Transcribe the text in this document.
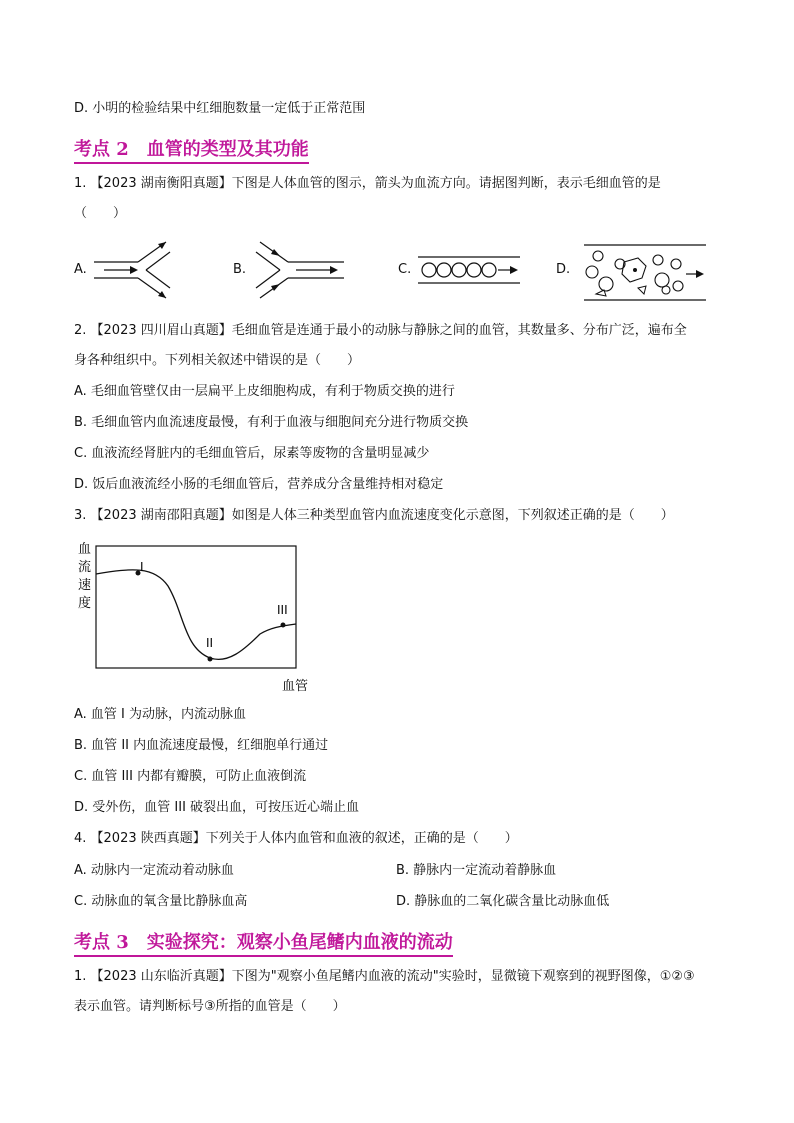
D. 小明的检验结果中红细胞数量一定低于正常范围
考点 2　血管的类型及其功能
1. 【2023 湖南衡阳真题】下图是人体血管的图示，箭头为血流方向。请据图判断，表示毛细血管的是
（　　）
A.	B.	C.	D.
2. 【2023 四川眉山真题】毛细血管是连通于最小的动脉与静脉之间的血管，其数量多、分布广泛，遍布全
身各种组织中。下列相关叙述中错误的是（　　）
A. 毛细血管壁仅由一层扁平上皮细胞构成，有利于物质交换的进行
B. 毛细血管内血流速度最慢，有利于血液与细胞间充分进行物质交换
C. 血液流经肾脏内的毛细血管后，尿素等废物的含量明显减少
D. 饭后血液流经小肠的毛细血管后，营养成分含量维持相对稳定
3. 【2023 湖南邵阳真题】如图是人体三种类型血管内血流速度变化示意图，下列叙述正确的是（　　）
血
流
速
度
I
II
III
血管
A. 血管 I 为动脉，内流动脉血
B. 血管 II 内血流速度最慢，红细胞单行通过
C. 血管 III 内都有瓣膜，可防止血液倒流
D. 受外伤，血管 III 破裂出血，可按压近心端止血
4. 【2023 陕西真题】下列关于人体内血管和血液的叙述，正确的是（　　）
A. 动脉内一定流动着动脉血	B. 静脉内一定流动着静脉血
C. 动脉血的氧含量比静脉血高	D. 静脉血的二氧化碳含量比动脉血低
考点 3　实验探究：观察小鱼尾鳍内血液的流动
1. 【2023 山东临沂真题】下图为"观察小鱼尾鳍内血液的流动"实验时，显微镜下观察到的视野图像，①②③
表示血管。请判断标号③所指的血管是（　　）
